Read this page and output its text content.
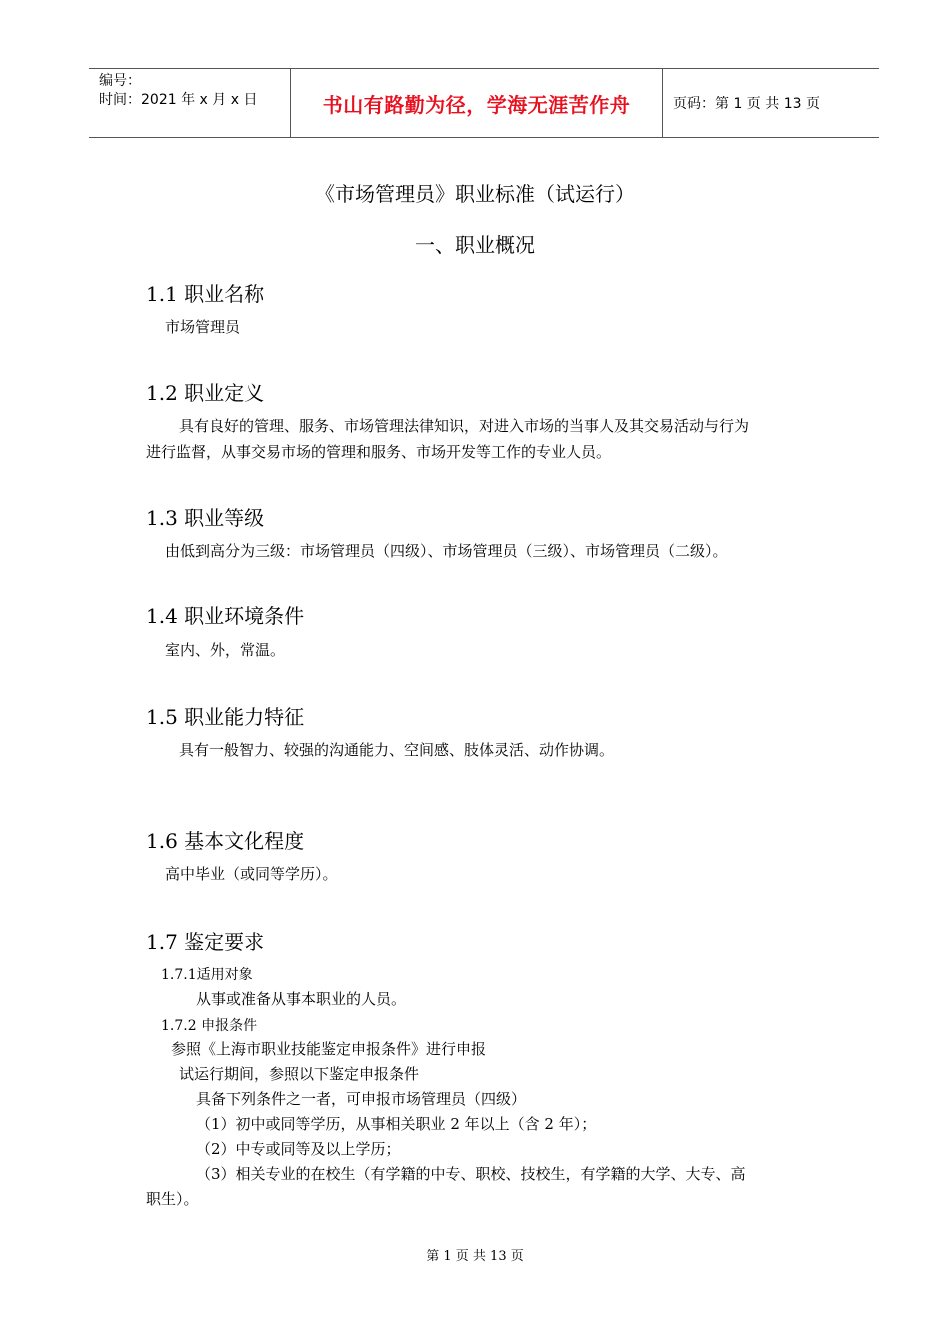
编号：
时间：2021 年 x 月 x 日	书山有路勤为径，学海无涯苦作舟	页码：第 1 页 共 13 页
《市场管理员》职业标准（试运行）
一、职业概况
1.1 职业名称
市场管理员
1.2 职业定义
具有良好的管理、服务、市场管理法律知识，对进入市场的当事人及其交易活动与行为
进行监督，从事交易市场的管理和服务、市场开发等工作的专业人员。
1.3 职业等级
由低到高分为三级：市场管理员（四级）、市场管理员（三级）、市场管理员（二级）。
1.4 职业环境条件
室内、外，常温。
1.5 职业能力特征
具有一般智力、较强的沟通能力、空间感、肢体灵活、动作协调。
1.6 基本文化程度
高中毕业（或同等学历）。
1.7 鉴定要求
1.7.1适用对象
从事或准备从事本职业的人员。
1.7.2 申报条件
参照《上海市职业技能鉴定申报条件》进行申报
试运行期间，参照以下鉴定申报条件
具备下列条件之一者，可申报市场管理员（四级）
（1）初中或同等学历，从事相关职业 2 年以上（含 2 年）；
（2）中专或同等及以上学历；
（3）相关专业的在校生（有学籍的中专、职校、技校生，有学籍的大学、大专、高
职生）。
第 1 页 共 13 页
